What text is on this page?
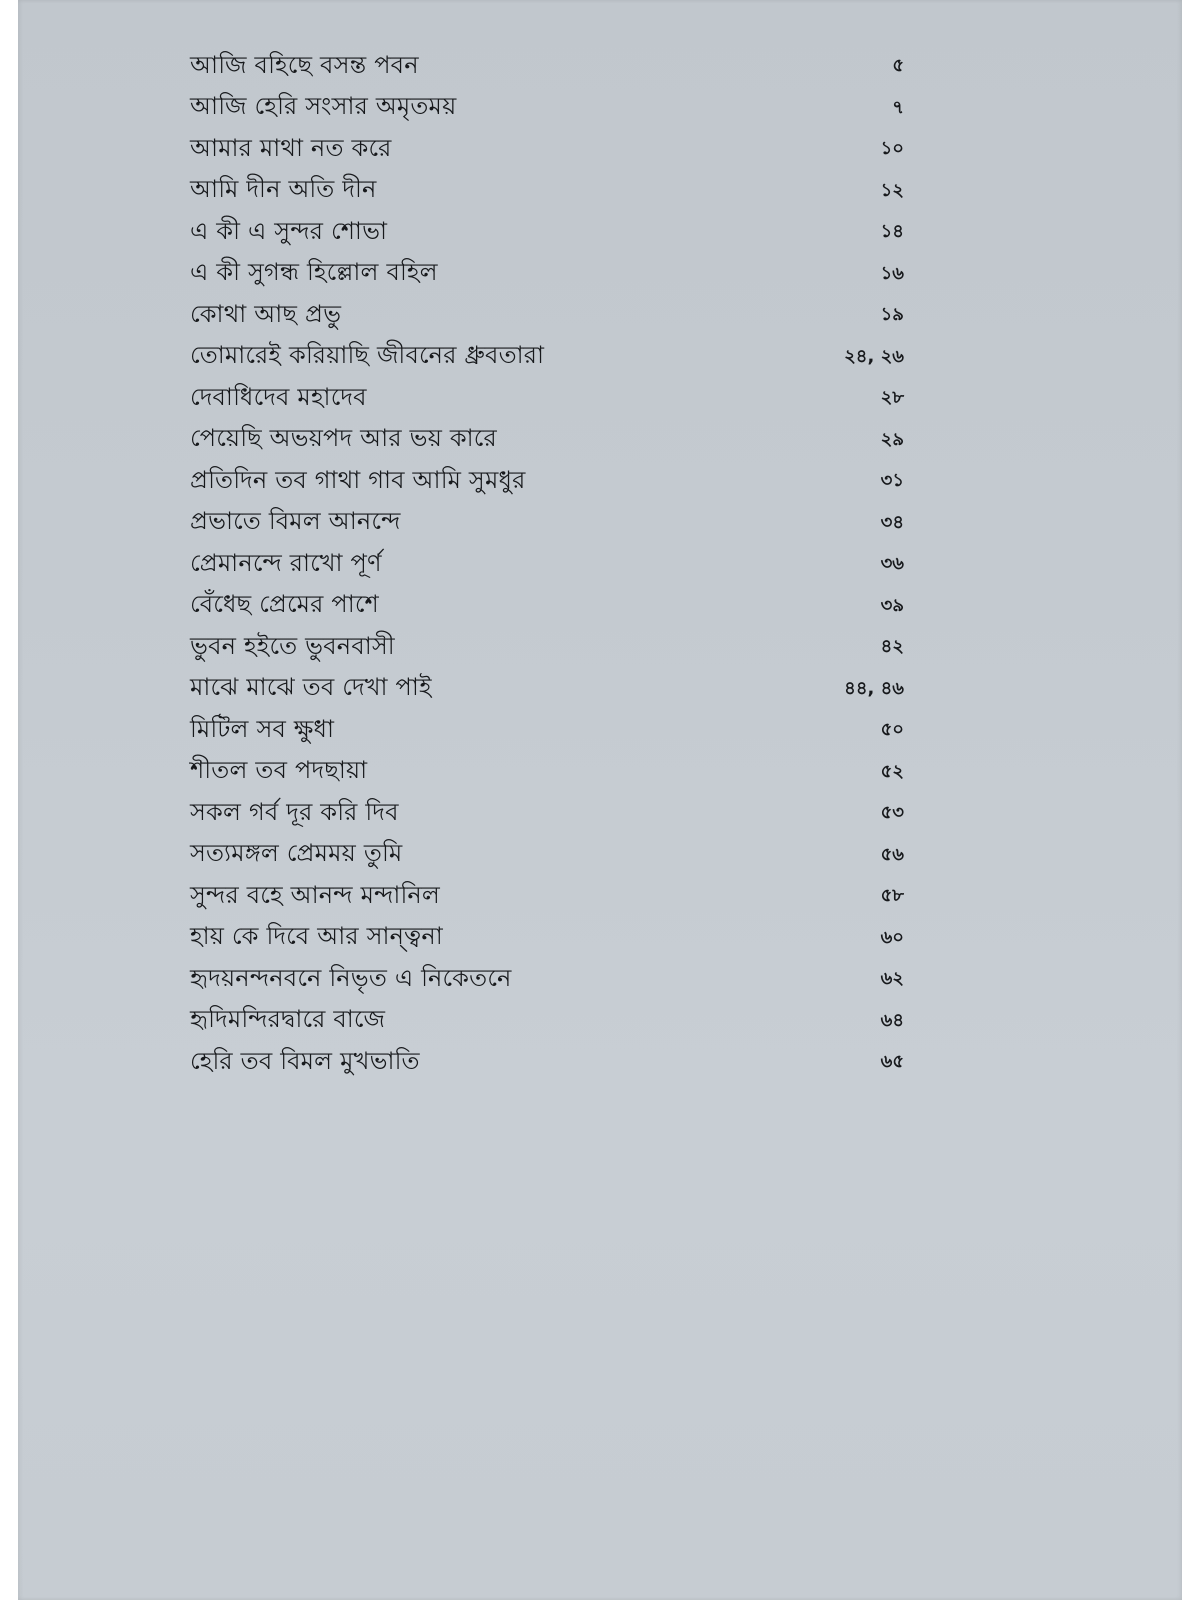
আজি বহিছে বসন্ত পবন	৫
আজি হেরি সংসার অমৃতময়	৭
আমার মাথা নত করে	১০
আমি দীন অতি দীন	১২
এ কী এ সুন্দর শোভা	১৪
এ কী সুগন্ধ হিল্লোল বহিল	১৬
কোথা আছ প্রভু	১৯
তোমারেই করিয়াছি জীবনের ধ্রুবতারা	২৪, ২৬
দেবাধিদেব মহাদেব	২৮
পেয়েছি অভয়পদ আর ভয় কারে	২৯
প্রতিদিন তব গাথা গাব আমি সুমধুর	৩১
প্রভাতে বিমল আনন্দে	৩৪
প্রেমানন্দে রাখো পূর্ণ	৩৬
বেঁধেছ প্রেমের পাশে	৩৯
ভুবন হইতে ভুবনবাসী	৪২
মাঝে মাঝে তব দেখা পাই	৪৪, ৪৬
মিটিল সব ক্ষুধা	৫০
শীতল তব পদছায়া	৫২
সকল গর্ব দূর করি দিব	৫৩
সত্যমঙ্গল প্রেমময় তুমি	৫৬
সুন্দর বহে আনন্দ মন্দানিল	৫৮
হায় কে দিবে আর সান্ত্বনা	৬০
হৃদয়নন্দনবনে নিভৃত এ নিকেতনে	৬২
হৃদিমন্দিরদ্বারে বাজে	৬৪
হেরি তব বিমল মুখভাতি	৬৫
